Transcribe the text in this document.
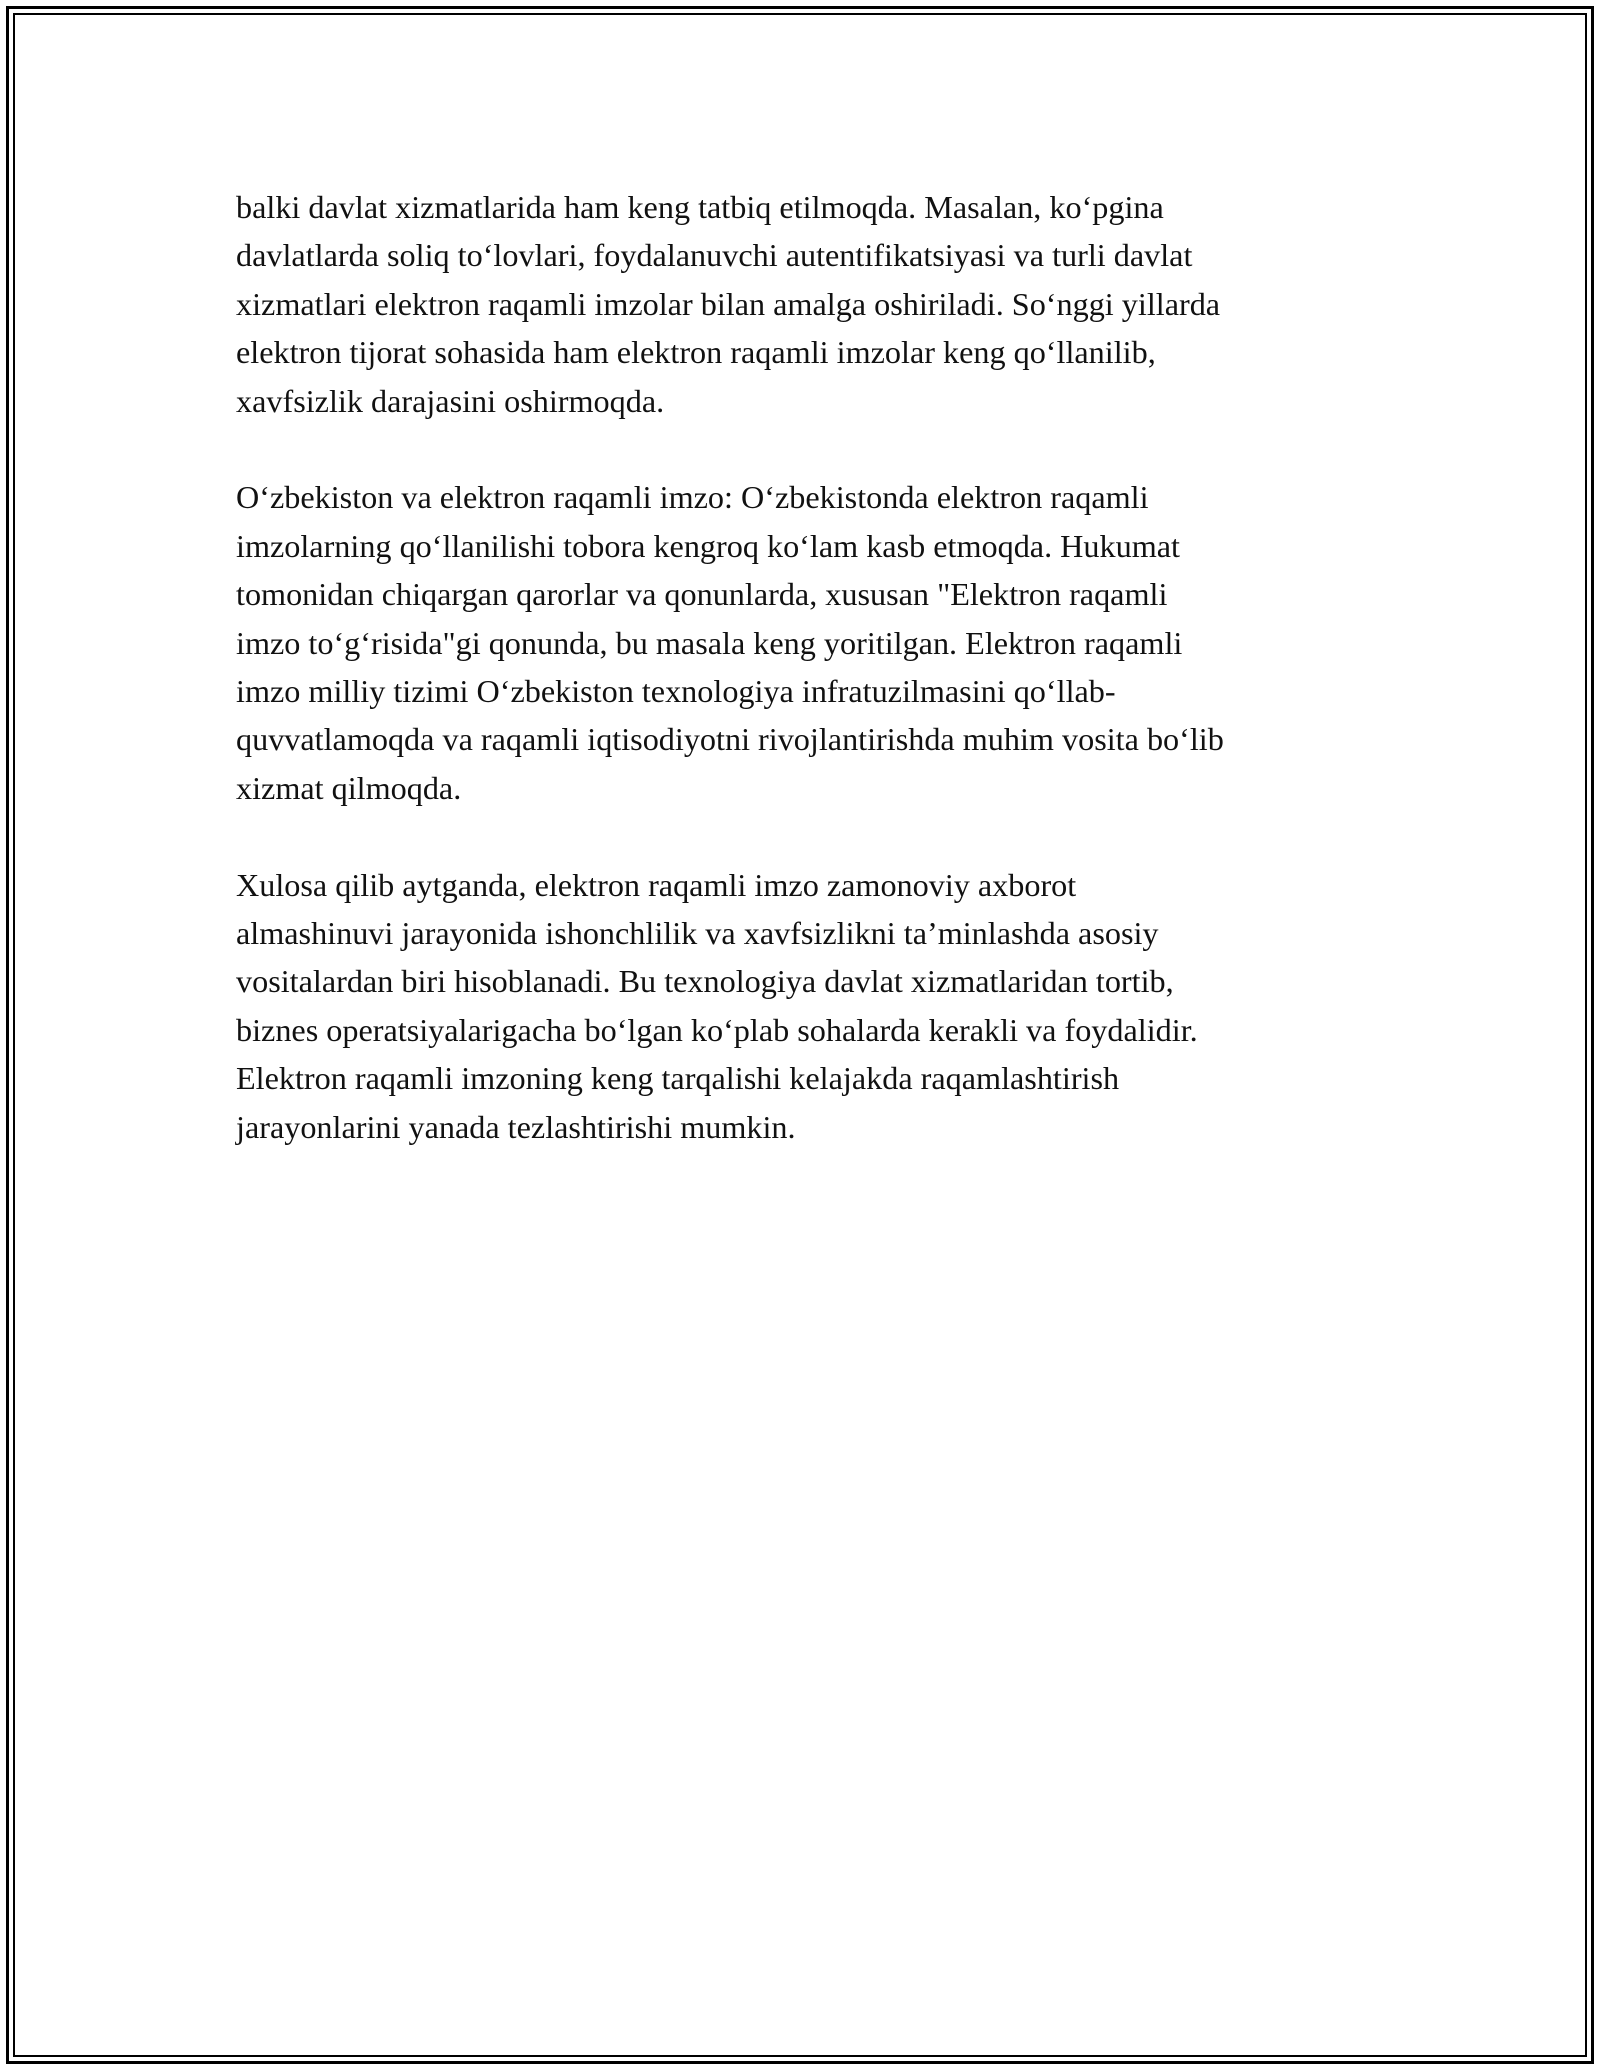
balki davlat xizmatlarida ham keng tatbiq etilmoqda. Masalan, koʻpgina
davlatlarda soliq toʻlovlari, foydalanuvchi autentifikatsiyasi va turli davlat
xizmatlari elektron raqamli imzolar bilan amalga oshiriladi. Soʻnggi yillarda
elektron tijorat sohasida ham elektron raqamli imzolar keng qoʻllanilib,
xavfsizlik darajasini oshirmoqda.

Oʻzbekiston va elektron raqamli imzo: Oʻzbekistonda elektron raqamli
imzolarning qoʻllanilishi tobora kengroq koʻlam kasb etmoqda. Hukumat
tomonidan chiqargan qarorlar va qonunlarda, xususan "Elektron raqamli
imzo toʻgʻrisida"gi qonunda, bu masala keng yoritilgan. Elektron raqamli
imzo milliy tizimi Oʻzbekiston texnologiya infratuzilmasini qoʻllab-
quvvatlamoqda va raqamli iqtisodiyotni rivojlantirishda muhim vosita boʻlib
xizmat qilmoqda.

Xulosa qilib aytganda, elektron raqamli imzo zamonoviy axborot
almashinuvi jarayonida ishonchlilik va xavfsizlikni ta’minlashda asosiy
vositalardan biri hisoblanadi. Bu texnologiya davlat xizmatlaridan tortib,
biznes operatsiyalarigacha boʻlgan koʻplab sohalarda kerakli va foydalidir.
Elektron raqamli imzoning keng tarqalishi kelajakda raqamlashtirish
jarayonlarini yanada tezlashtirishi mumkin.
